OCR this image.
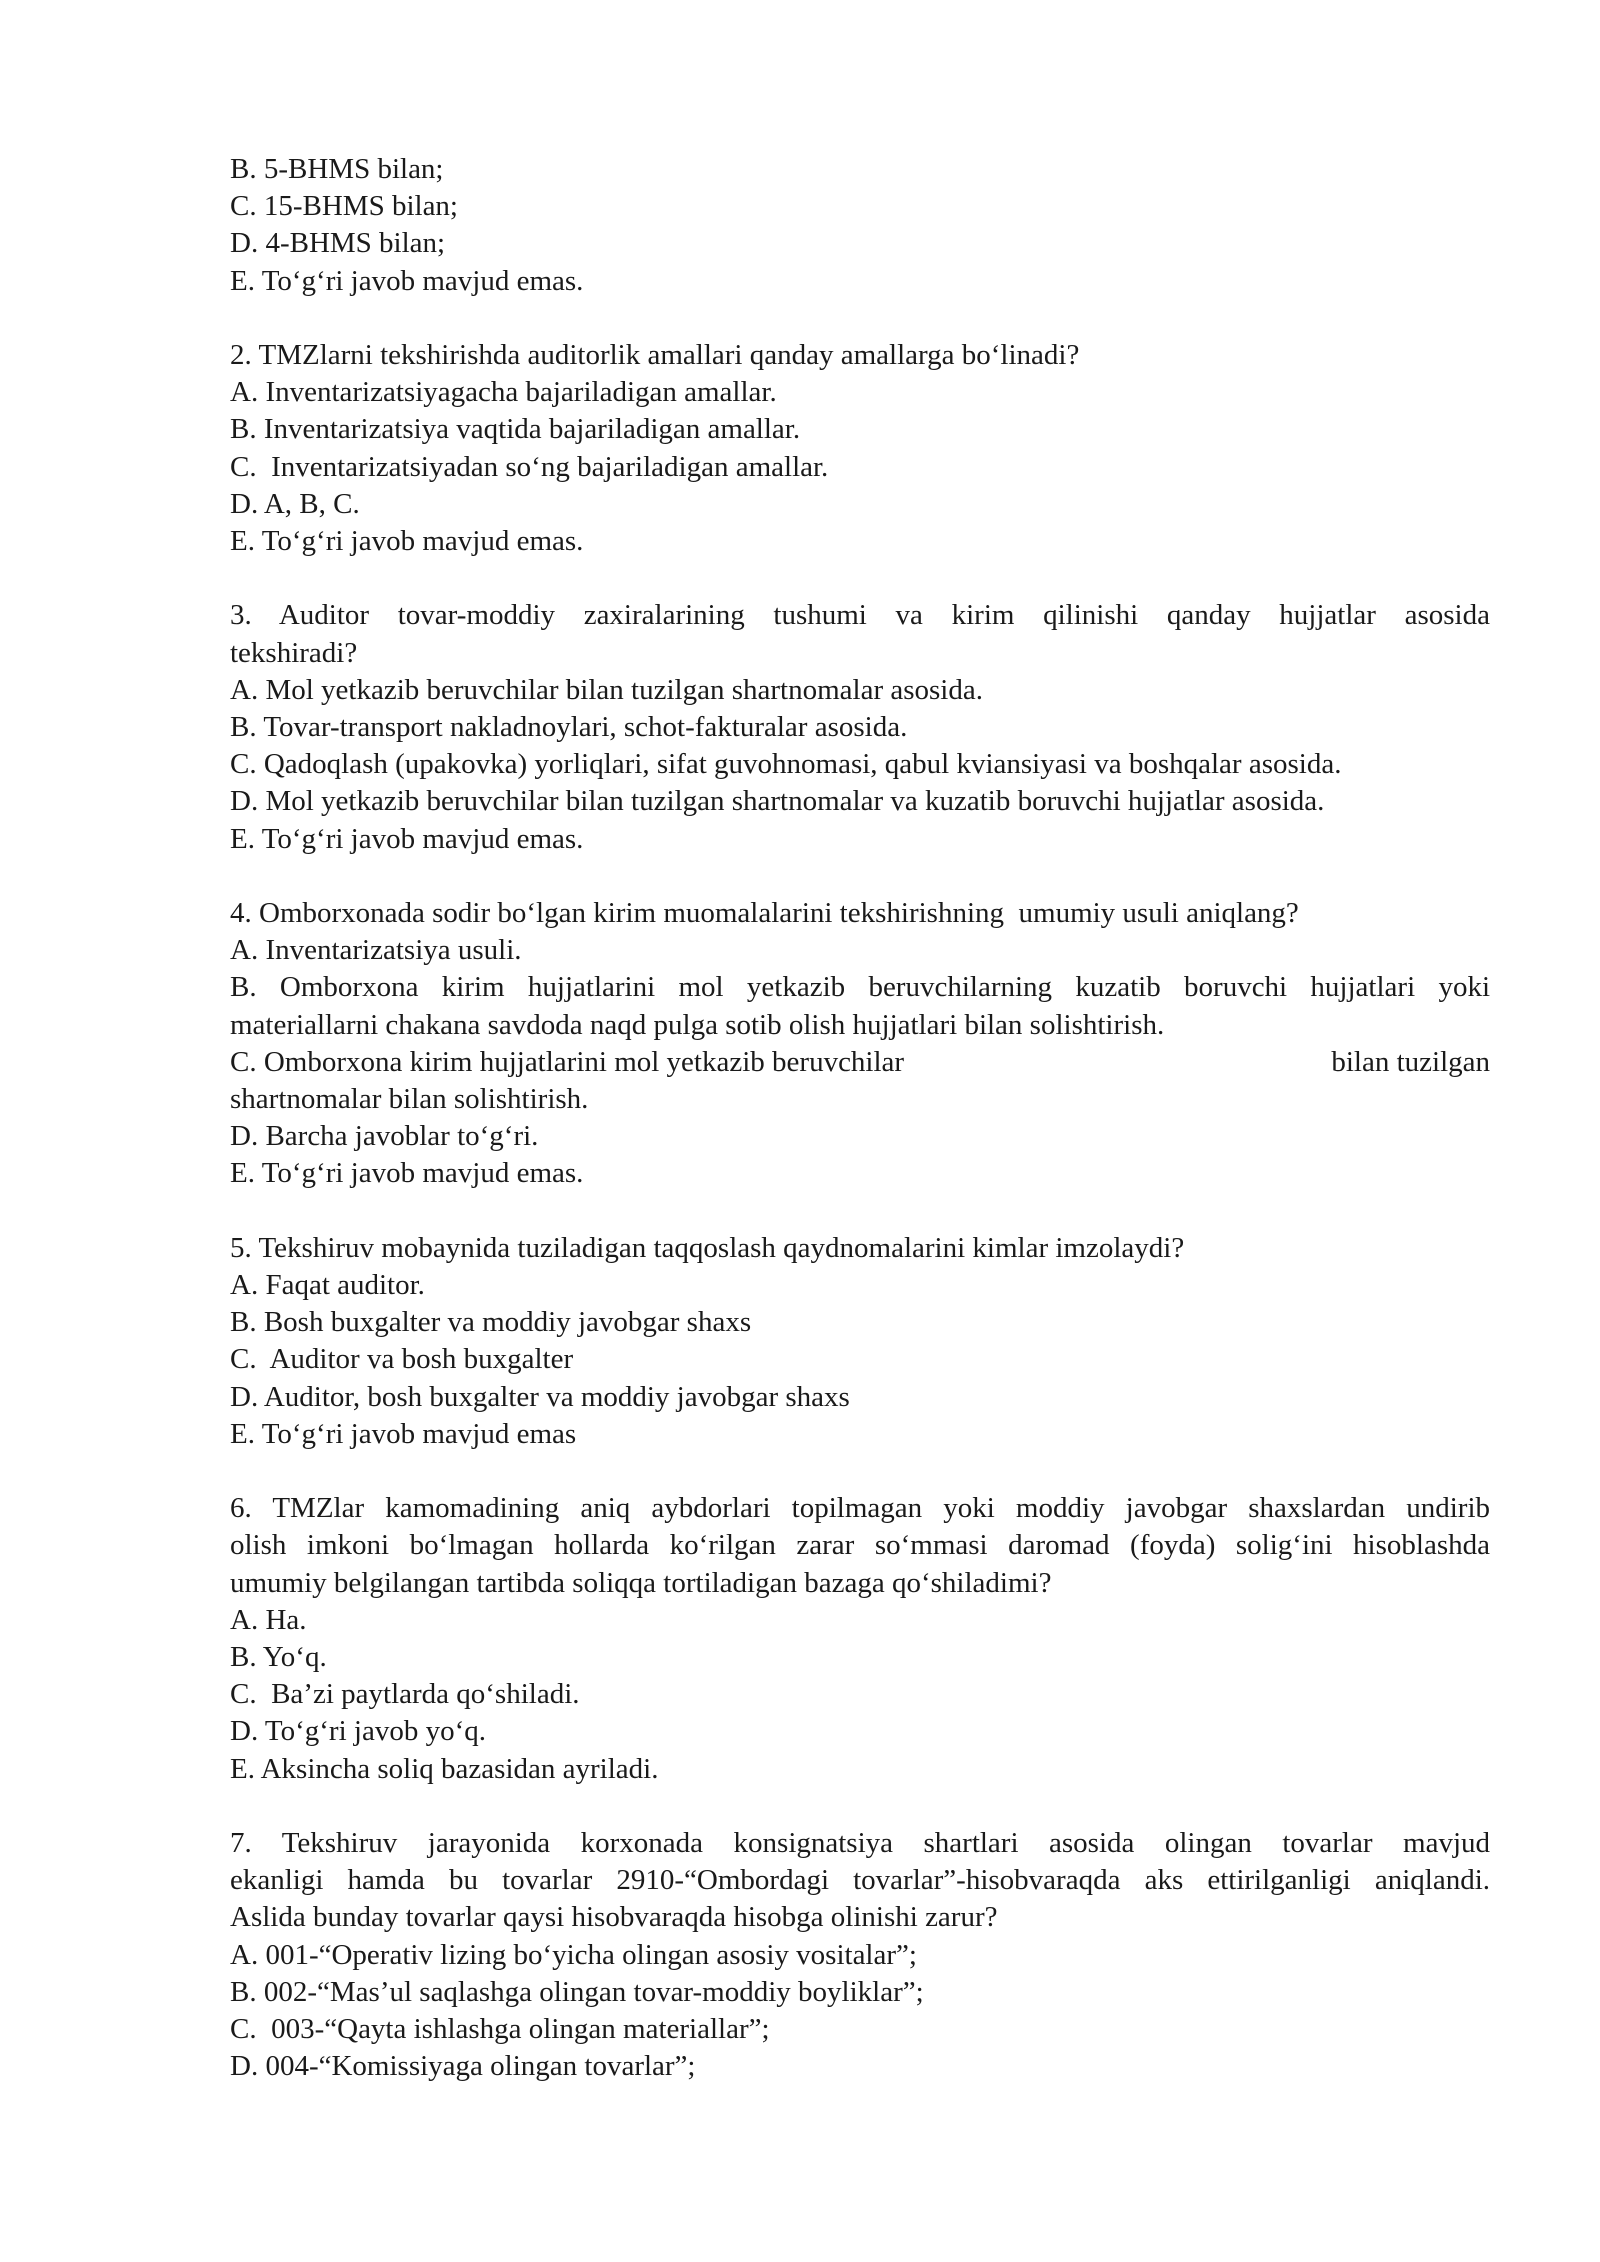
B. 5-BHMS bilan;
C. 15-BHMS bilan;
D. 4-BHMS bilan;
E. To‘g‘ri javob mavjud emas.
2. TMZlarni tekshirishda auditorlik amallari qanday amallarga bo‘linadi?
A. Inventarizatsiyagacha bajariladigan amallar.
B. Inventarizatsiya vaqtida bajariladigan amallar.
C.  Inventarizatsiyadan so‘ng bajariladigan amallar.
D. A, B, C.
E. To‘g‘ri javob mavjud emas.
3. Auditor tovar-moddiy zaxiralarining tushumi va kirim qilinishi qanday hujjatlar asosida
tekshiradi?
A. Mol yetkazib beruvchilar bilan tuzilgan shartnomalar asosida.
B. Tovar-transport nakladnoylari, schot-fakturalar asosida.
C. Qadoqlash (upakovka) yorliqlari, sifat guvohnomasi, qabul kviansiyasi va boshqalar asosida.
D. Mol yetkazib beruvchilar bilan tuzilgan shartnomalar va kuzatib boruvchi hujjatlar asosida.
E. To‘g‘ri javob mavjud emas.
4. Omborxonada sodir bo‘lgan kirim muomalalarini tekshirishning  umumiy usuli aniqlang?
A. Inventarizatsiya usuli.
B. Omborxona kirim hujjatlarini mol yetkazib beruvchilarning kuzatib boruvchi hujjatlari yoki
materiallarni chakana savdoda naqd pulga sotib olish hujjatlari bilan solishtirish.
C. Omborxona kirim hujjatlarini mol yetkazib beruvchilar	bilan tuzilgan
shartnomalar bilan solishtirish.
D. Barcha javoblar to‘g‘ri.
E. To‘g‘ri javob mavjud emas.
5. Tekshiruv mobaynida tuziladigan taqqoslash qaydnomalarini kimlar imzolaydi?
A. Faqat auditor.
B. Bosh buxgalter va moddiy javobgar shaxs
C.  Auditor va bosh buxgalter
D. Auditor, bosh buxgalter va moddiy javobgar shaxs
E. To‘g‘ri javob mavjud emas
6. TMZlar kamomadining aniq aybdorlari topilmagan yoki moddiy javobgar shaxslardan undirib
olish imkoni bo‘lmagan hollarda ko‘rilgan zarar so‘mmasi daromad (foyda) solig‘ini hisoblashda
umumiy belgilangan tartibda soliqqa tortiladigan bazaga qo‘shiladimi?
A. Ha.
B. Yo‘q.
C.  Ba’zi paytlarda qo‘shiladi.
D. To‘g‘ri javob yo‘q.
E. Aksincha soliq bazasidan ayriladi.
7. Tekshiruv jarayonida korxonada konsignatsiya shartlari asosida olingan tovarlar mavjud
ekanligi hamda bu tovarlar 2910-“Ombordagi tovarlar”-hisobvaraqda aks ettirilganligi aniqlandi.
Aslida bunday tovarlar qaysi hisobvaraqda hisobga olinishi zarur?
A. 001-“Operativ lizing bo‘yicha olingan asosiy vositalar”;
B. 002-“Mas’ul saqlashga olingan tovar-moddiy boyliklar”;
C.  003-“Qayta ishlashga olingan materiallar”;
D. 004-“Komissiyaga olingan tovarlar”;
